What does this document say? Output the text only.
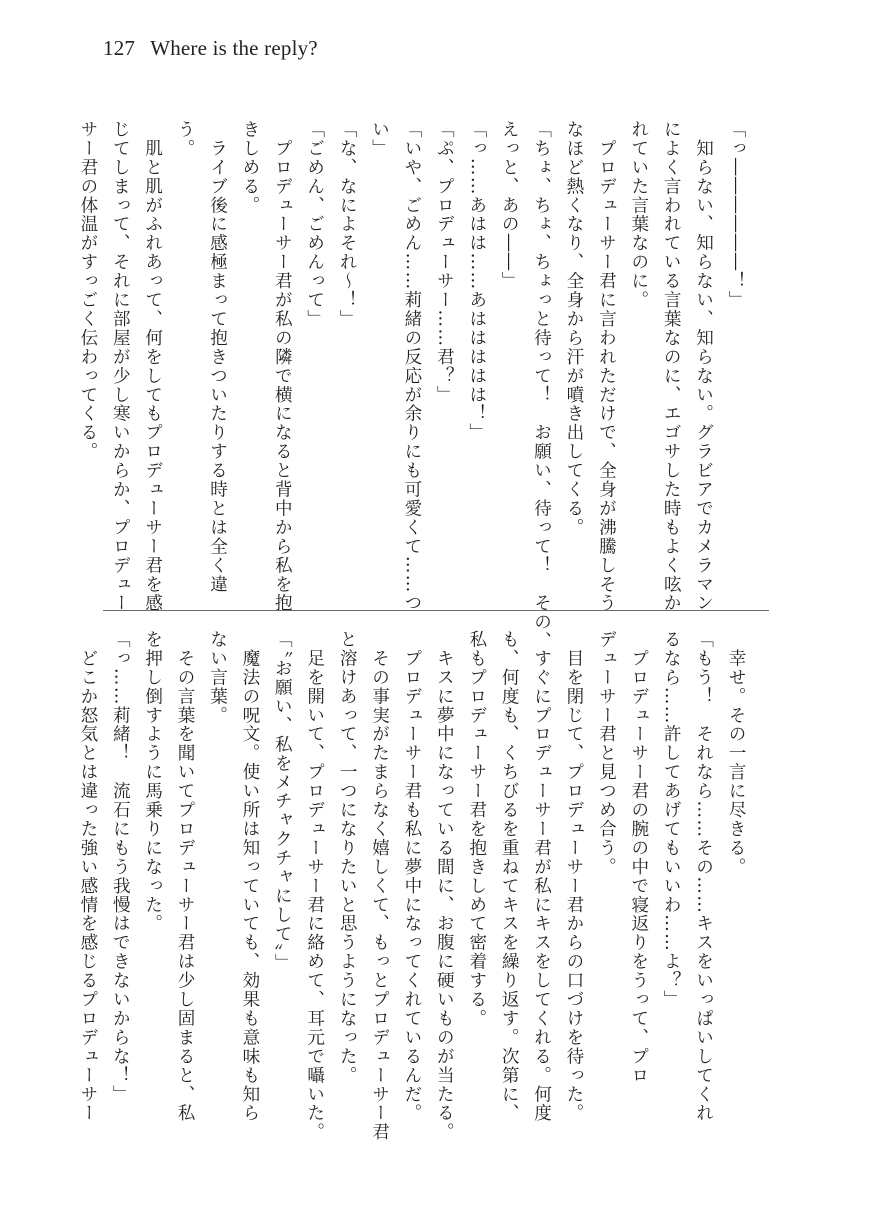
127 Where is the reply?
「っ――――――！」
　知らない、知らない、知らない。グラビアでカメラマン
によく言われている言葉なのに、エゴサした時もよく呟か
れていた言葉なのに。
　プロデューサー君に言われただけで、全身が沸騰しそう
なほど熱くなり、全身から汗が噴き出してくる。
「ちょ、ちょ、ちょっと待って！　お願い、待って！　その、
えっと、あの――」
「っ……あはは……あははははは！」
「ぷ、プロデューサー……君？」
「いや、ごめん……莉緒の反応が余りにも可愛くて……つ
い」
「な、なによそれ～！」
「ごめん、ごめんって」
　プロデューサー君が私の隣で横になると背中から私を抱
きしめる。
　ライブ後に感極まって抱きついたりする時とは全く違
う。
　肌と肌がふれあって、何をしてもプロデューサー君を感
じてしまって、それに部屋が少し寒いからか、プロデュー
サー君の体温がすっごく伝わってくる。
　幸せ。その一言に尽きる。
「もう！　それなら……その……キスをいっぱいしてくれ
るなら……許してあげてもいいわ……よ？」
　プロデューサー君の腕の中で寝返りをうって、プロ
デューサー君と見つめ合う。
　目を閉じて、プロデューサー君からの口づけを待った。
　すぐにプロデューサー君が私にキスをしてくれる。何度
も、何度も、くちびるを重ねてキスを繰り返す。次第に、
私もプロデューサー君を抱きしめて密着する。
　キスに夢中になっている間に、お腹に硬いものが当たる。
　プロデューサー君も私に夢中になってくれているんだ。
　その事実がたまらなく嬉しくて、もっとプロデューサー君
と溶けあって、一つになりたいと思うようになった。
　足を開いて、プロデューサー君に絡めて、耳元で囁いた。
「〝お願い、私をメチャクチャにして〟」
　魔法の呪文。使い所は知っていても、効果も意味も知ら
ない言葉。
　その言葉を聞いてプロデューサー君は少し固まると、私
を押し倒すように馬乗りになった。
「っ……莉緒！　流石にもう我慢はできないからな！」
　どこか怒気とは違った強い感情を感じるプロデューサー
